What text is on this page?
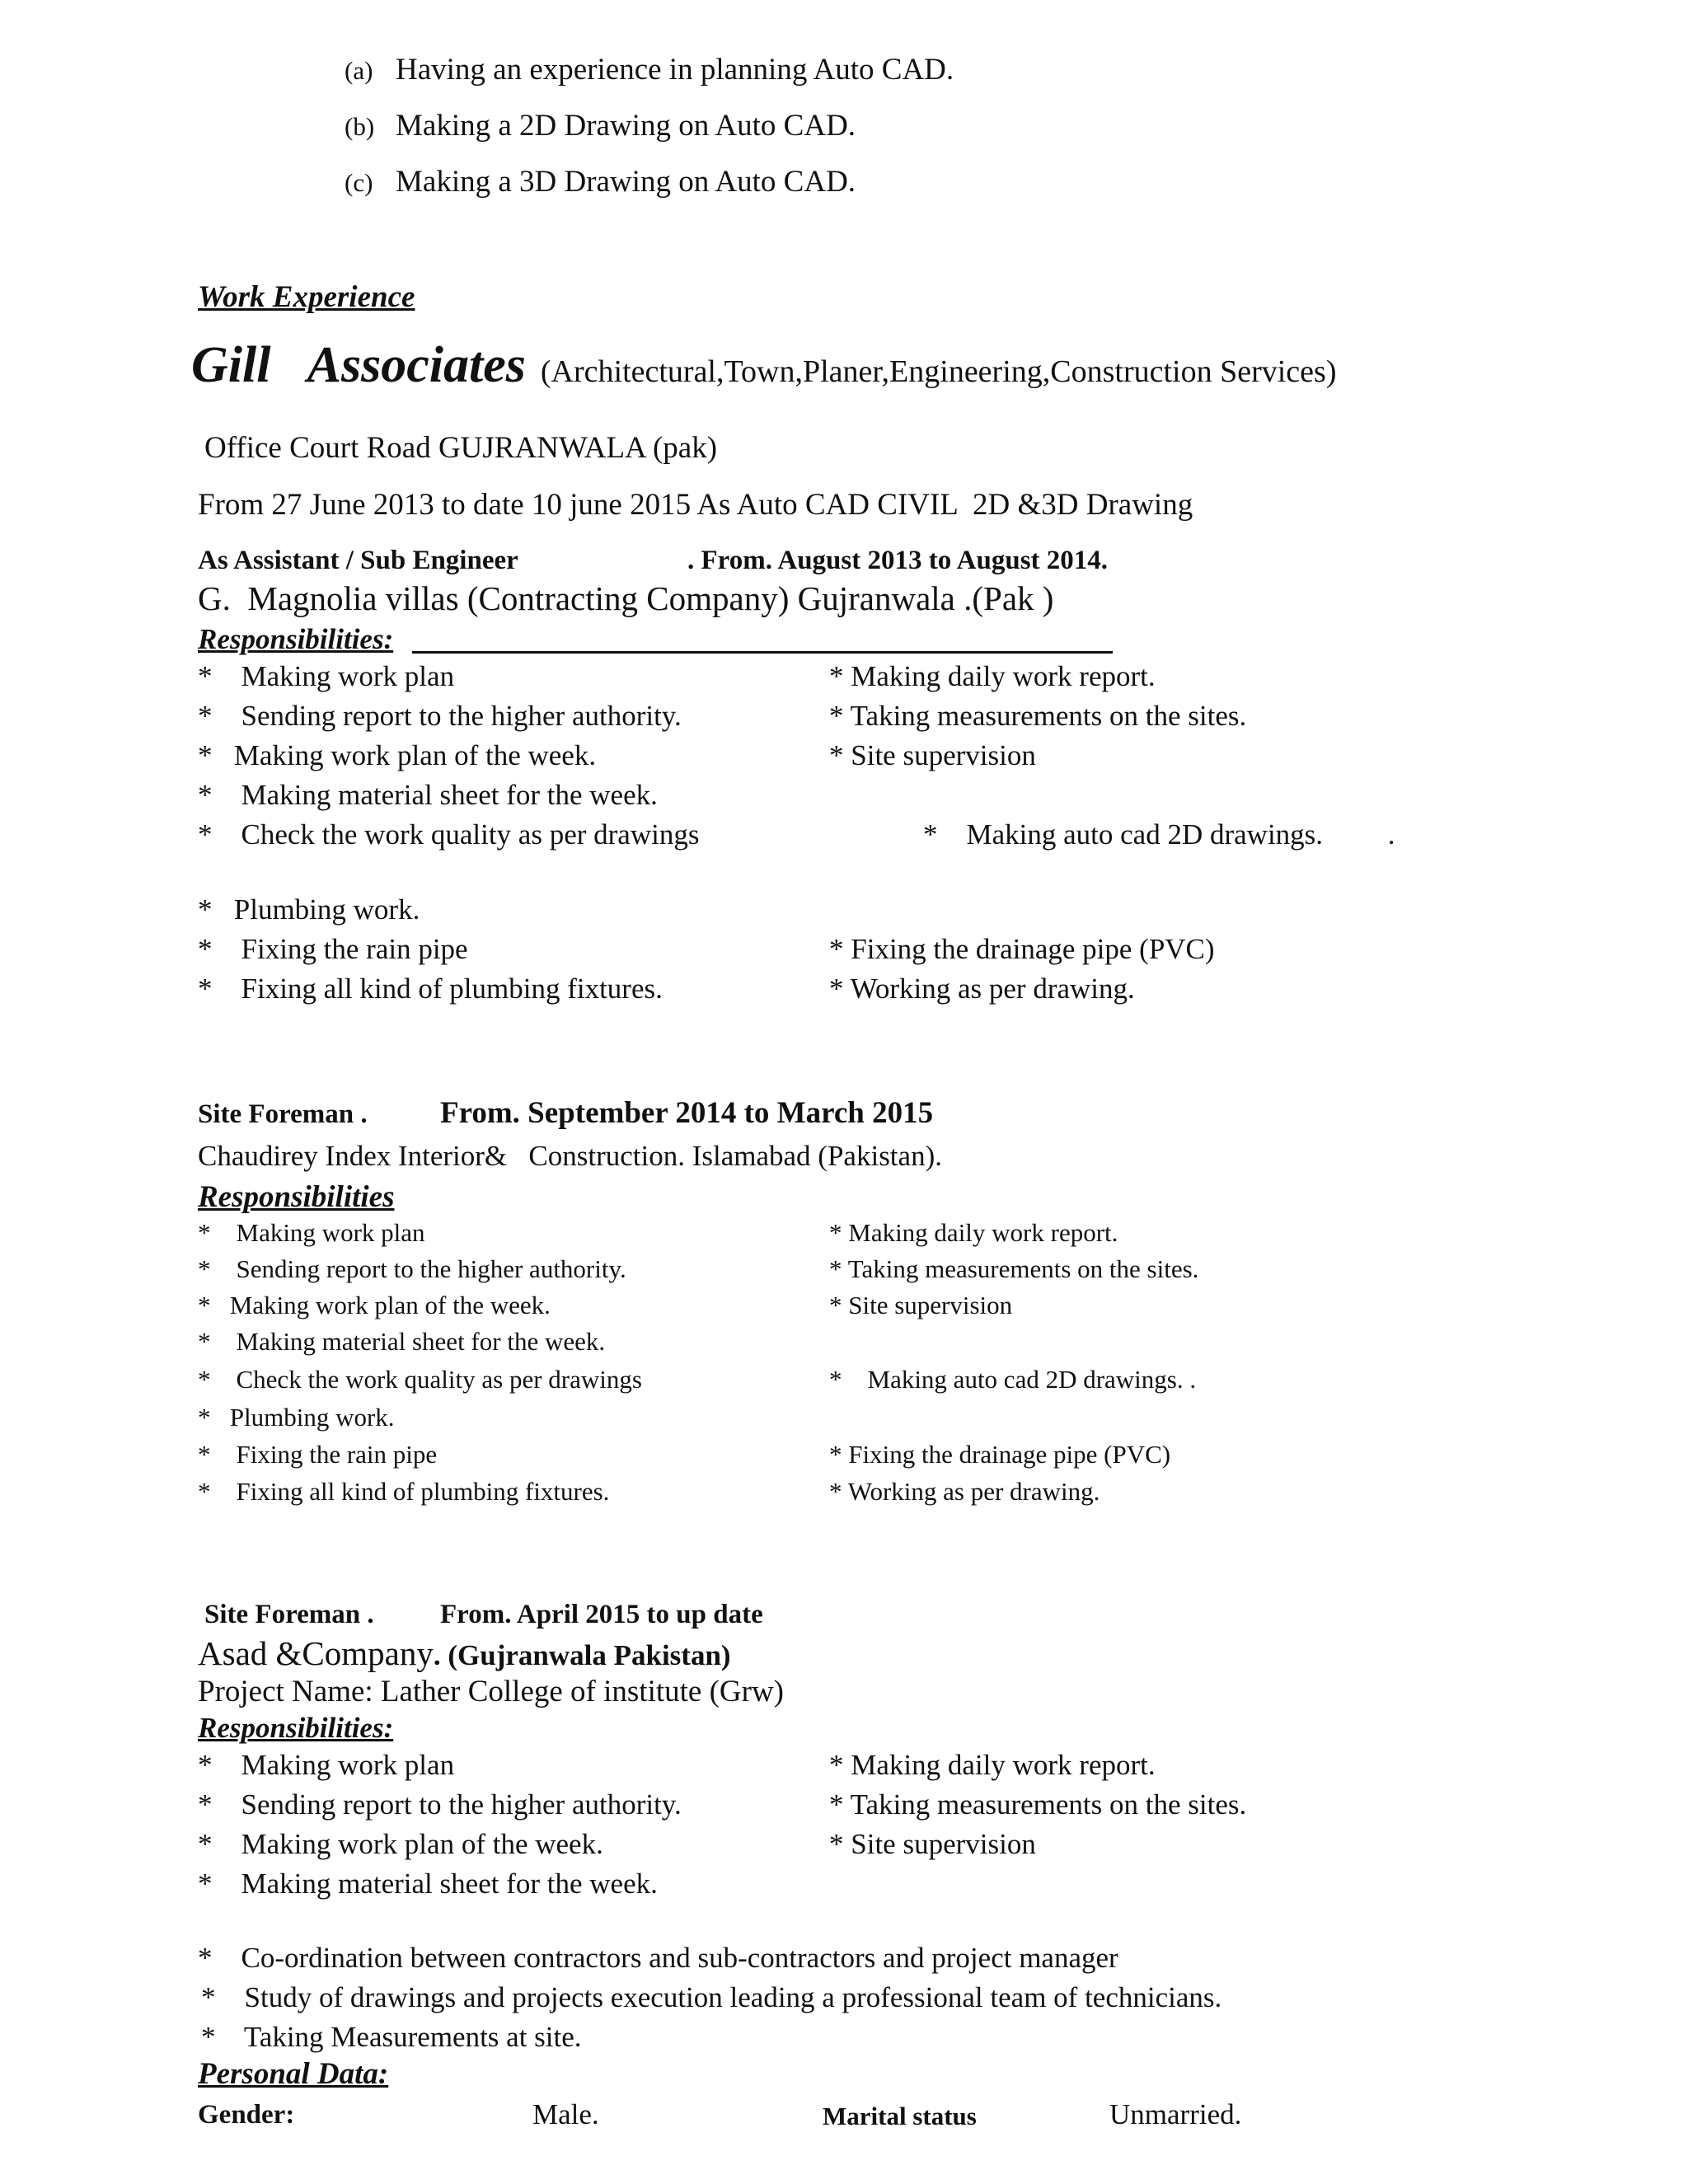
(a) Having an experience in planning Auto CAD.
(b) Making a 2D Drawing on Auto CAD.
(c) Making a 3D Drawing on Auto CAD.
Work Experience
Gill   Associates (Architectural,Town,Planer,Engineering,Construction Services)
Office Court Road GUJRANWALA (pak)
From 27 June 2013 to date 10 june 2015 As Auto CAD CIVIL  2D &3D Drawing
As Assistant / Sub Engineer	. From. August 2013 to August 2014.
G.  Magnolia villas (Contracting Company) Gujranwala .(Pak )
Responsibilities:
*    Making work plan
*    Sending report to the higher authority.
*   Making work plan of the week.
*    Making material sheet for the week.
*    Check the work quality as per drawings
*   Plumbing work.
*    Fixing the rain pipe
*    Fixing all kind of plumbing fixtures.
* Making daily work report.
* Taking measurements on the sites.
* Site supervision
*    Making auto cad 2D drawings.         .
* Fixing the drainage pipe (PVC)
* Working as per drawing.
Site Foreman . From. September 2014 to March 2015
Chaudirey Index Interior&   Construction. Islamabad (Pakistan).
Responsibilities
*    Making work plan
*    Sending report to the higher authority.
*   Making work plan of the week.
*    Making material sheet for the week.
*    Check the work quality as per drawings
*   Plumbing work.
*    Fixing the rain pipe
*    Fixing all kind of plumbing fixtures.
* Making daily work report.
* Taking measurements on the sites.
* Site supervision
*    Making auto cad 2D drawings. .
* Fixing the drainage pipe (PVC)
* Working as per drawing.
Site Foreman . From. April 2015 to up date
Asad &Company. (Gujranwala Pakistan)
Project Name: Lather College of institute (Grw)
Responsibilities:
*    Making work plan
*    Sending report to the higher authority.
*    Making work plan of the week.
*    Making material sheet for the week.
* Making daily work report.
* Taking measurements on the sites.
* Site supervision
*    Co-ordination between contractors and sub-contractors and project manager
*    Study of drawings and projects execution leading a professional team of technicians.
*    Taking Measurements at site.
Personal Data:
Gender:	Male.	Marital status	Unmarried.
